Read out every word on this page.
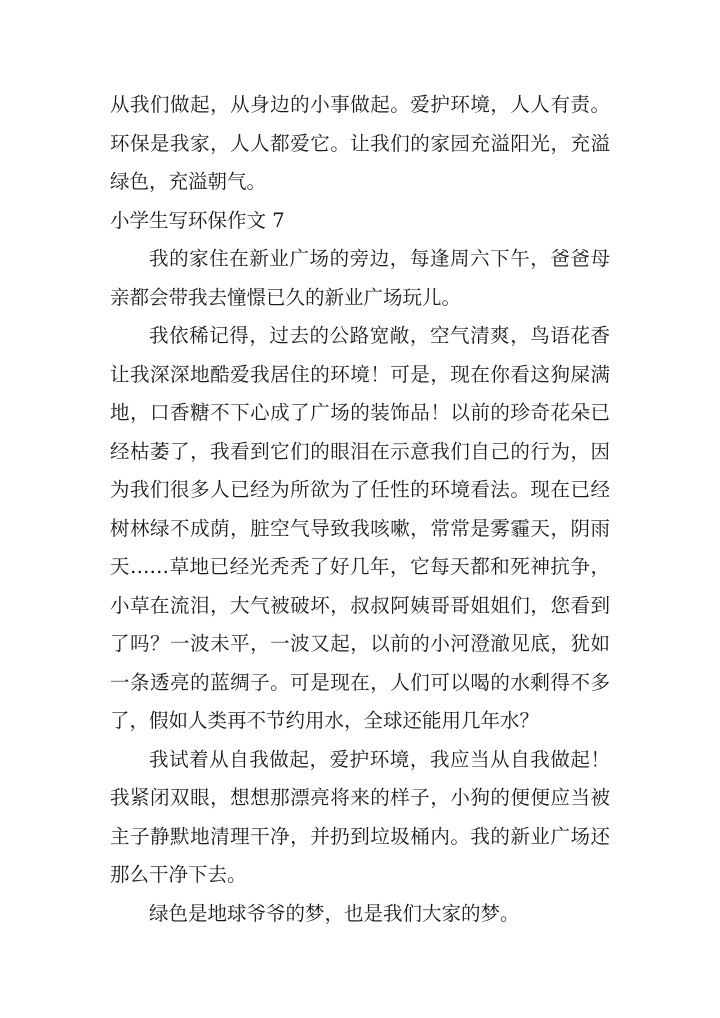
从我们做起，从身边的小事做起。爱护环境，人人有责。环保是我家，人人都爱它。让我们的家园充溢阳光，充溢绿色，充溢朝气。

小学生写环保作文 7

我的家住在新业广场的旁边，每逢周六下午，爸爸母亲都会带我去憧憬已久的新业广场玩儿。

我依稀记得，过去的公路宽敞，空气清爽，鸟语花香让我深深地酷爱我居住的环境！可是，现在你看这狗屎满地，口香糖不下心成了广场的装饰品！以前的珍奇花朵已经枯萎了，我看到它们的眼泪在示意我们自己的行为，因为我们很多人已经为所欲为了任性的环境看法。现在已经树林绿不成荫，脏空气导致我咳嗽，常常是雾霾天，阴雨天……草地已经光秃秃了好几年，它每天都和死神抗争，小草在流泪，大气被破坏，叔叔阿姨哥哥姐姐们，您看到了吗？一波未平，一波又起，以前的小河澄澈见底，犹如一条透亮的蓝绸子。可是现在，人们可以喝的水剩得不多了，假如人类再不节约用水，全球还能用几年水？

我试着从自我做起，爱护环境，我应当从自我做起！我紧闭双眼，想想那漂亮将来的样子，小狗的便便应当被主子静默地清理干净，并扔到垃圾桶内。我的新业广场还那么干净下去。

绿色是地球爷爷的梦，也是我们大家的梦。
